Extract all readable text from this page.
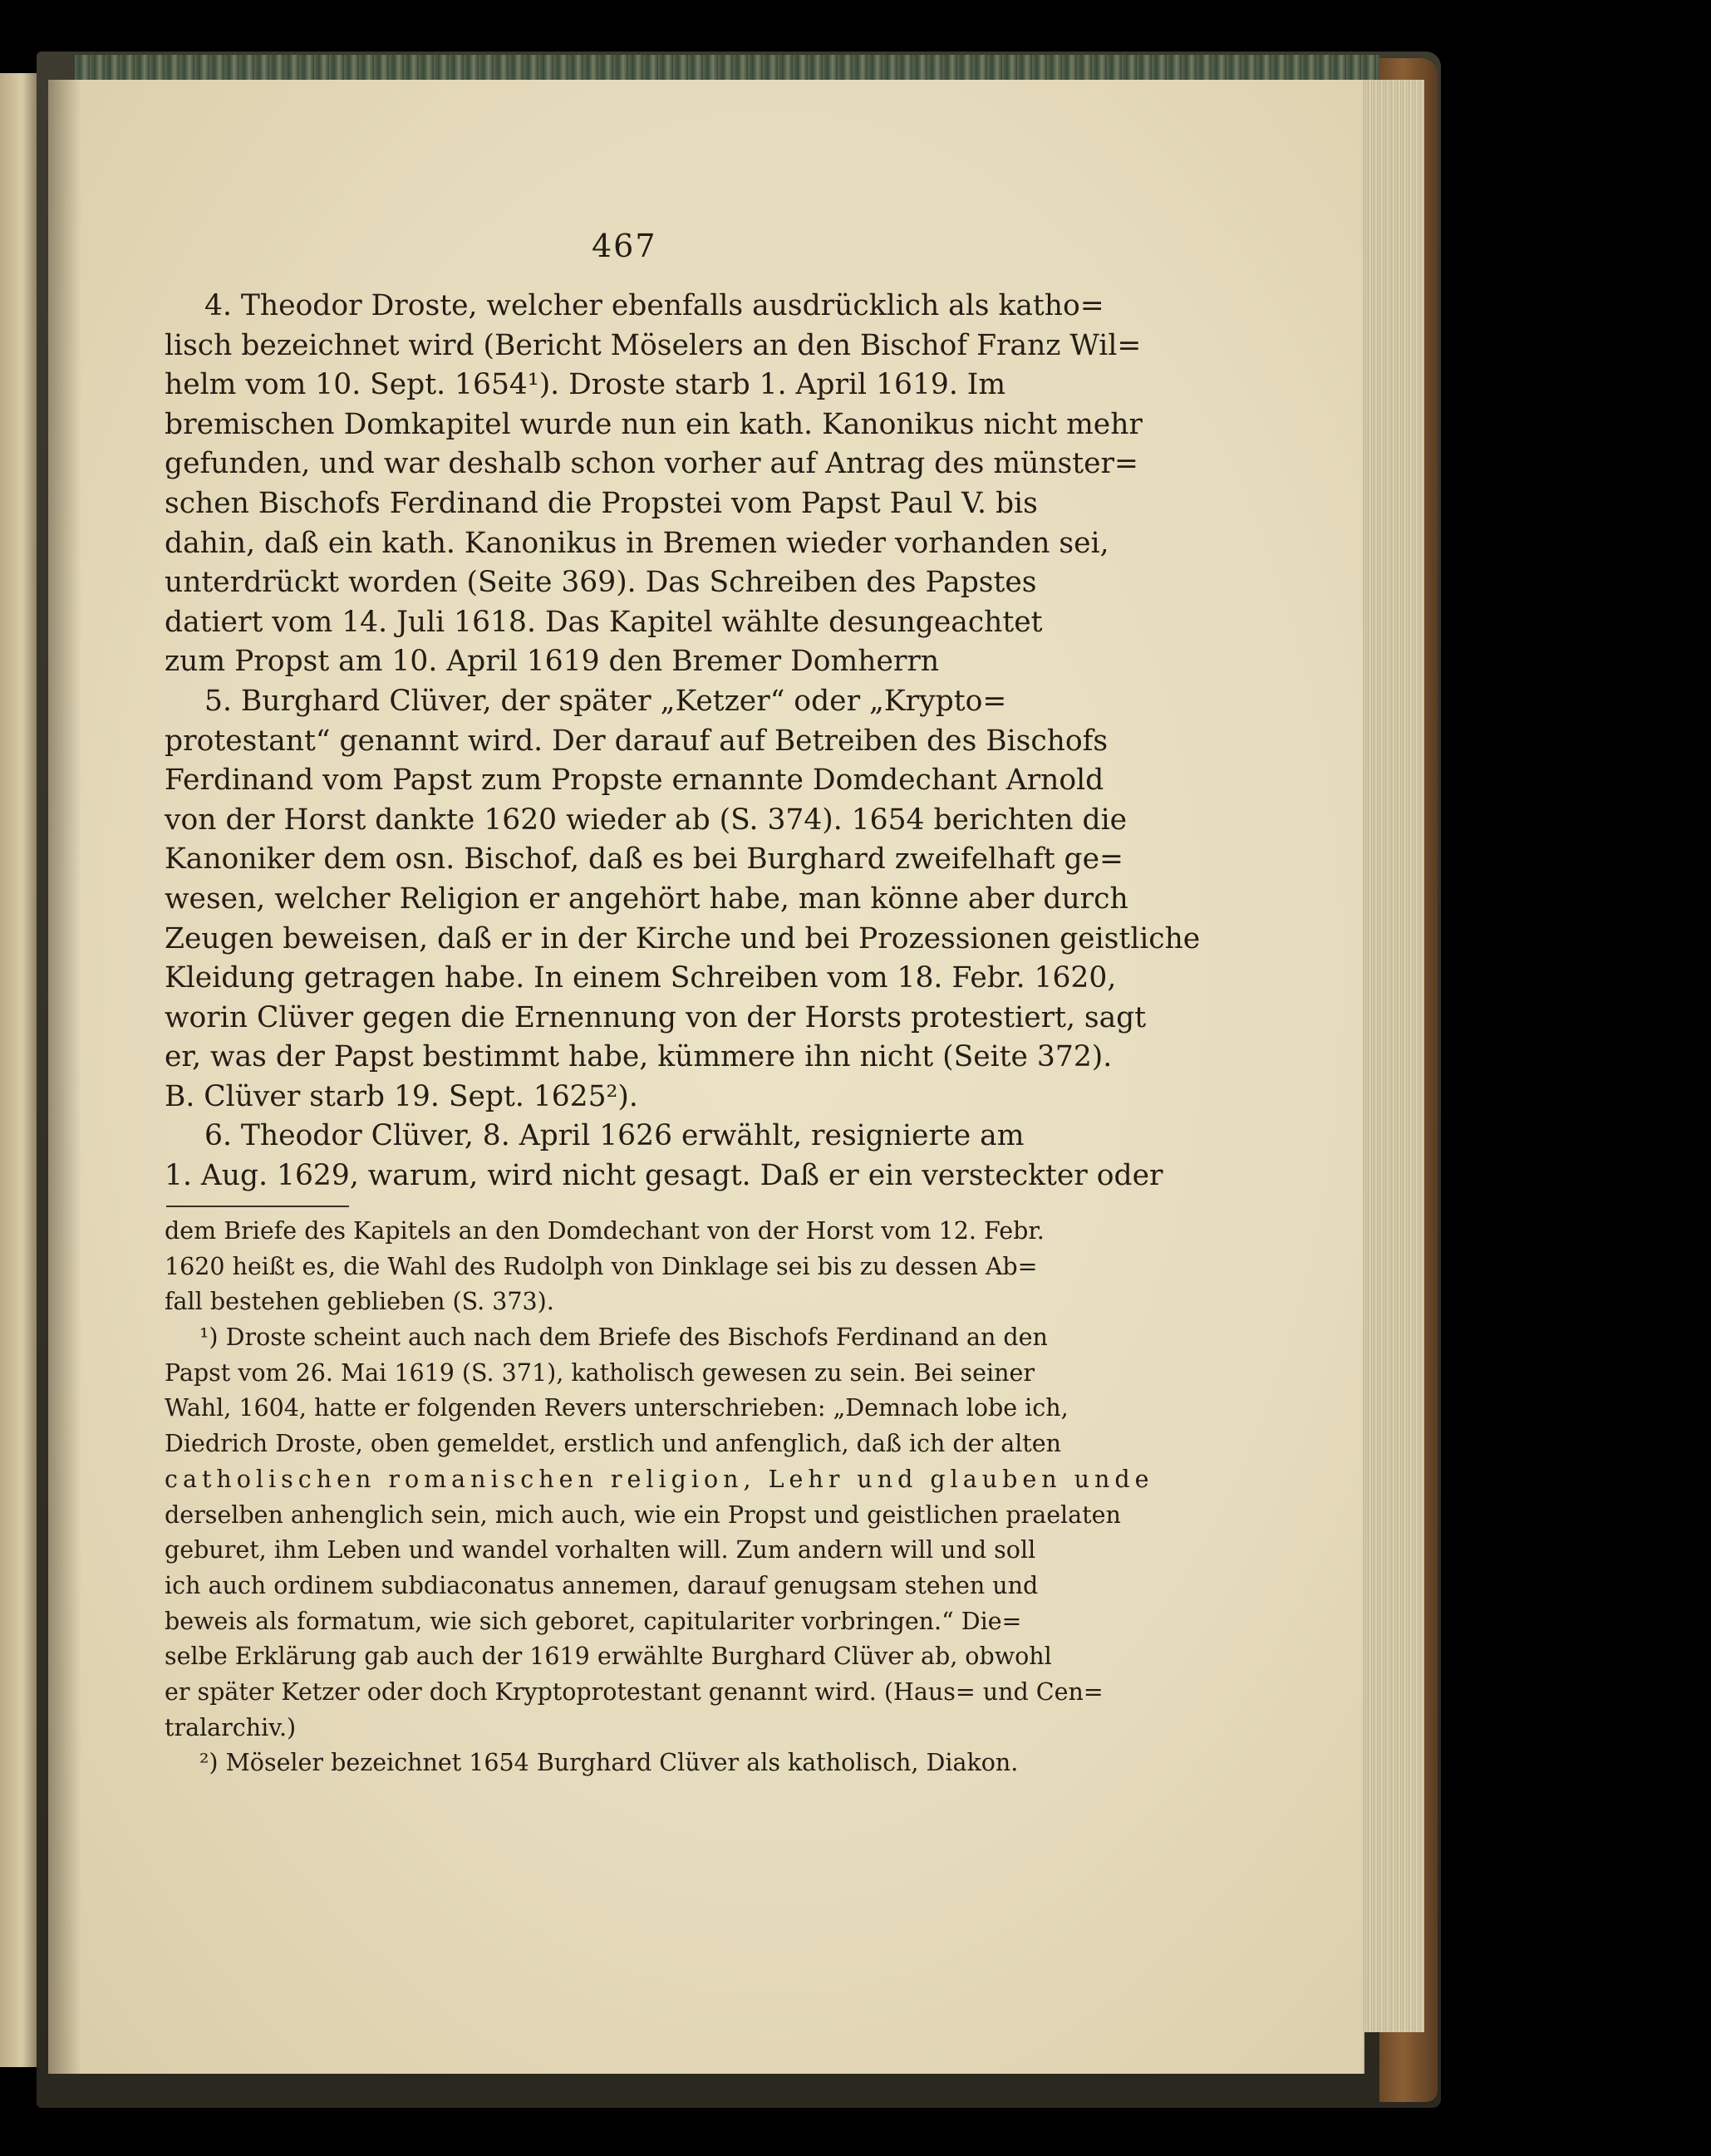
467
4. Theodor Droste, welcher ebenfalls ausdrücklich als katho=
lisch bezeichnet wird (Bericht Möselers an den Bischof Franz Wil=
helm vom 10. Sept. 1654¹). Droste starb 1. April 1619. Im
bremischen Domkapitel wurde nun ein kath. Kanonikus nicht mehr
gefunden, und war deshalb schon vorher auf Antrag des münster=
schen Bischofs Ferdinand die Propstei vom Papst Paul V. bis
dahin, daß ein kath. Kanonikus in Bremen wieder vorhanden sei,
unterdrückt worden (Seite 369). Das Schreiben des Papstes
datiert vom 14. Juli 1618. Das Kapitel wählte desungeachtet
zum Propst am 10. April 1619 den Bremer Domherrn
5. Burghard Clüver, der später „Ketzer“ oder „Krypto=
protestant“ genannt wird. Der darauf auf Betreiben des Bischofs
Ferdinand vom Papst zum Propste ernannte Domdechant Arnold
von der Horst dankte 1620 wieder ab (S. 374). 1654 berichten die
Kanoniker dem osn. Bischof, daß es bei Burghard zweifelhaft ge=
wesen, welcher Religion er angehört habe, man könne aber durch
Zeugen beweisen, daß er in der Kirche und bei Prozessionen geistliche
Kleidung getragen habe. In einem Schreiben vom 18. Febr. 1620,
worin Clüver gegen die Ernennung von der Horsts protestiert, sagt
er, was der Papst bestimmt habe, kümmere ihn nicht (Seite 372).
B. Clüver starb 19. Sept. 1625²).
6. Theodor Clüver, 8. April 1626 erwählt, resignierte am
1. Aug. 1629, warum, wird nicht gesagt. Daß er ein versteckter oder
dem Briefe des Kapitels an den Domdechant von der Horst vom 12. Febr.
1620 heißt es, die Wahl des Rudolph von Dinklage sei bis zu dessen Ab=
fall bestehen geblieben (S. 373).
¹) Droste scheint auch nach dem Briefe des Bischofs Ferdinand an den
Papst vom 26. Mai 1619 (S. 371), katholisch gewesen zu sein. Bei seiner
Wahl, 1604, hatte er folgenden Revers unterschrieben: „Demnach lobe ich,
Diedrich Droste, oben gemeldet, erstlich und anfenglich, daß ich der alten
catholischen romanischen religion, Lehr und glauben unde
derselben anhenglich sein, mich auch, wie ein Propst und geistlichen praelaten
geburet, ihm Leben und wandel vorhalten will. Zum andern will und soll
ich auch ordinem subdiaconatus annemen, darauf genugsam stehen und
beweis als formatum, wie sich geboret, capitulariter vorbringen.“ Die=
selbe Erklärung gab auch der 1619 erwählte Burghard Clüver ab, obwohl
er später Ketzer oder doch Kryptoprotestant genannt wird. (Haus= und Cen=
tralarchiv.)
²) Möseler bezeichnet 1654 Burghard Clüver als katholisch, Diakon.
